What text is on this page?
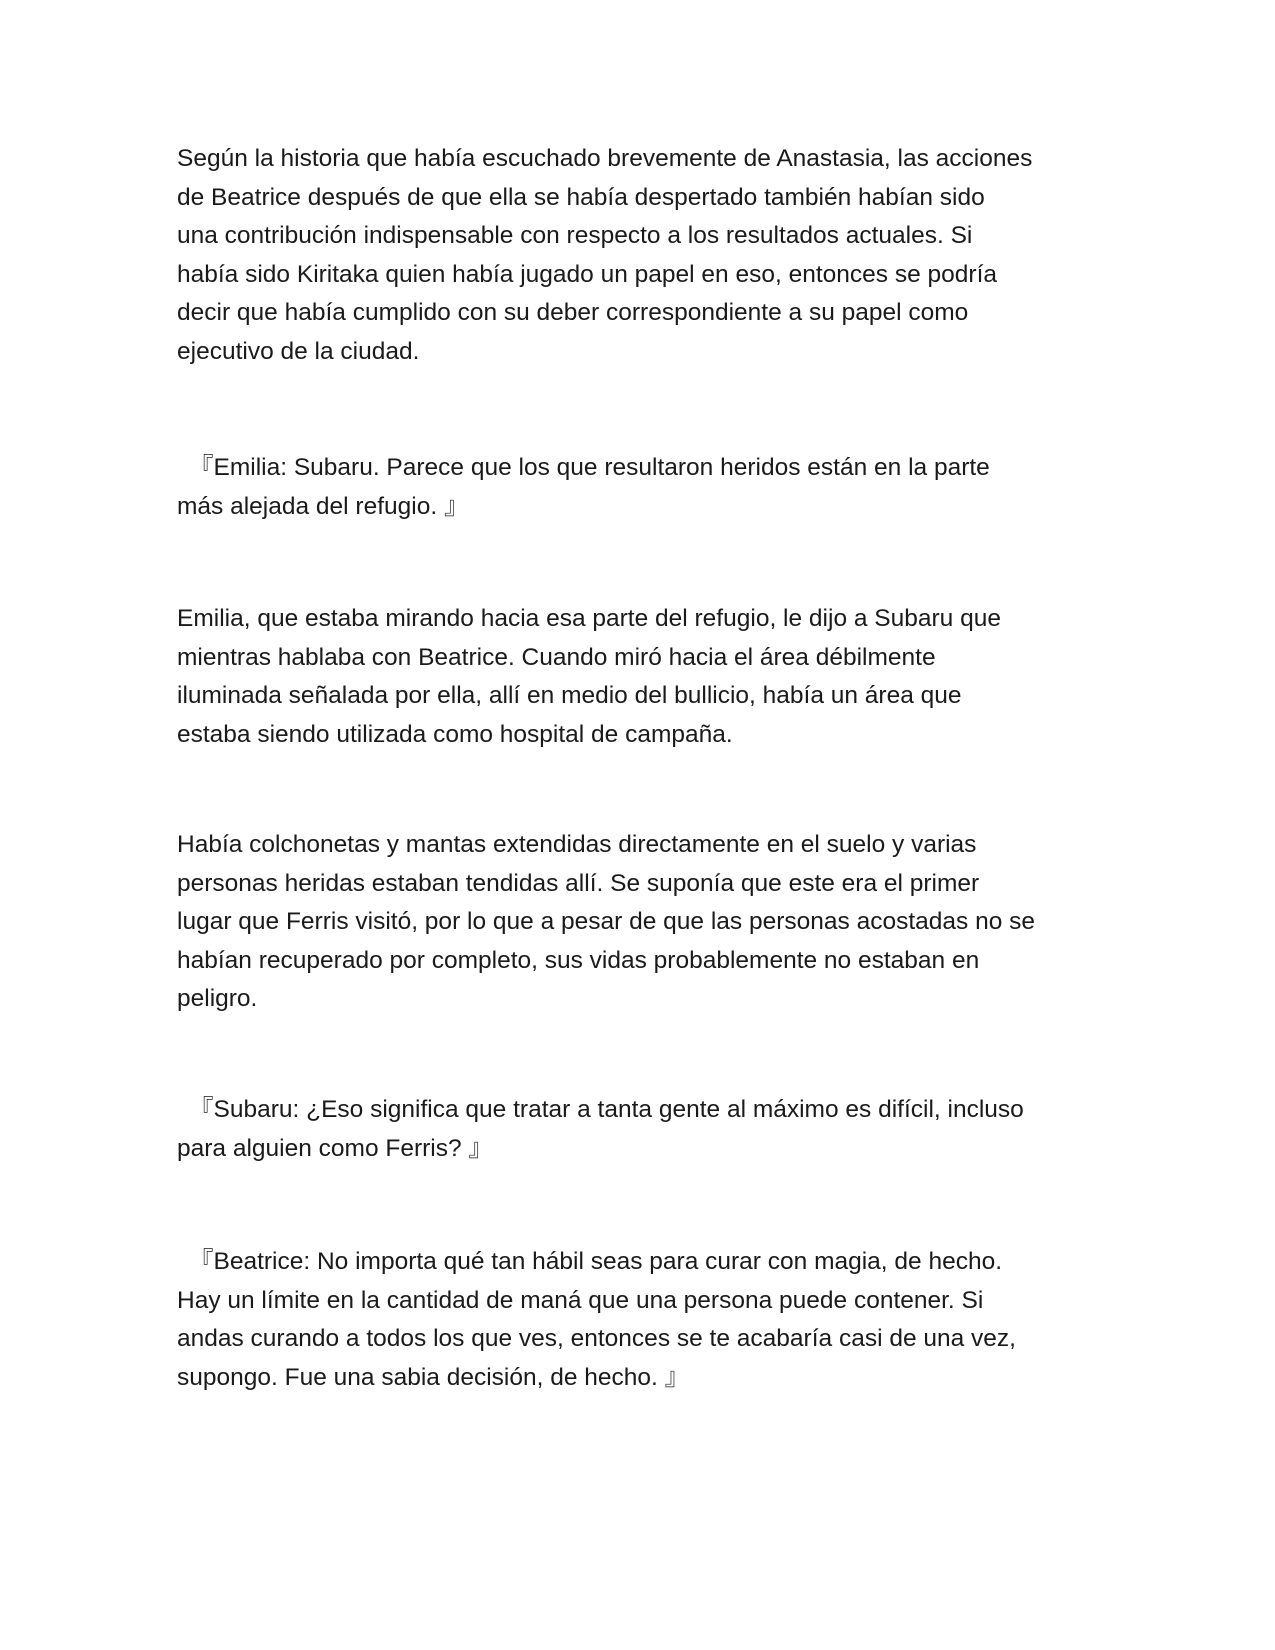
Según la historia que había escuchado brevemente de Anastasia, las acciones
de Beatrice después de que ella se había despertado también habían sido
una contribución indispensable con respecto a los resultados actuales. Si
había sido Kiritaka quien había jugado un papel en eso, entonces se podría
decir que había cumplido con su deber correspondiente a su papel como
ejecutivo de la ciudad.

『Emilia: Subaru. Parece que los que resultaron heridos están en la parte
más alejada del refugio. 』

Emilia, que estaba mirando hacia esa parte del refugio, le dijo a Subaru que
mientras hablaba con Beatrice. Cuando miró hacia el área débilmente
iluminada señalada por ella, allí en medio del bullicio, había un área que
estaba siendo utilizada como hospital de campaña.

Había colchonetas y mantas extendidas directamente en el suelo y varias
personas heridas estaban tendidas allí. Se suponía que este era el primer
lugar que Ferris visitó, por lo que a pesar de que las personas acostadas no se
habían recuperado por completo, sus vidas probablemente no estaban en
peligro.

『Subaru: ¿Eso significa que tratar a tanta gente al máximo es difícil, incluso
para alguien como Ferris? 』

『Beatrice: No importa qué tan hábil seas para curar con magia, de hecho.
Hay un límite en la cantidad de maná que una persona puede contener. Si
andas curando a todos los que ves, entonces se te acabaría casi de una vez,
supongo. Fue una sabia decisión, de hecho. 』
